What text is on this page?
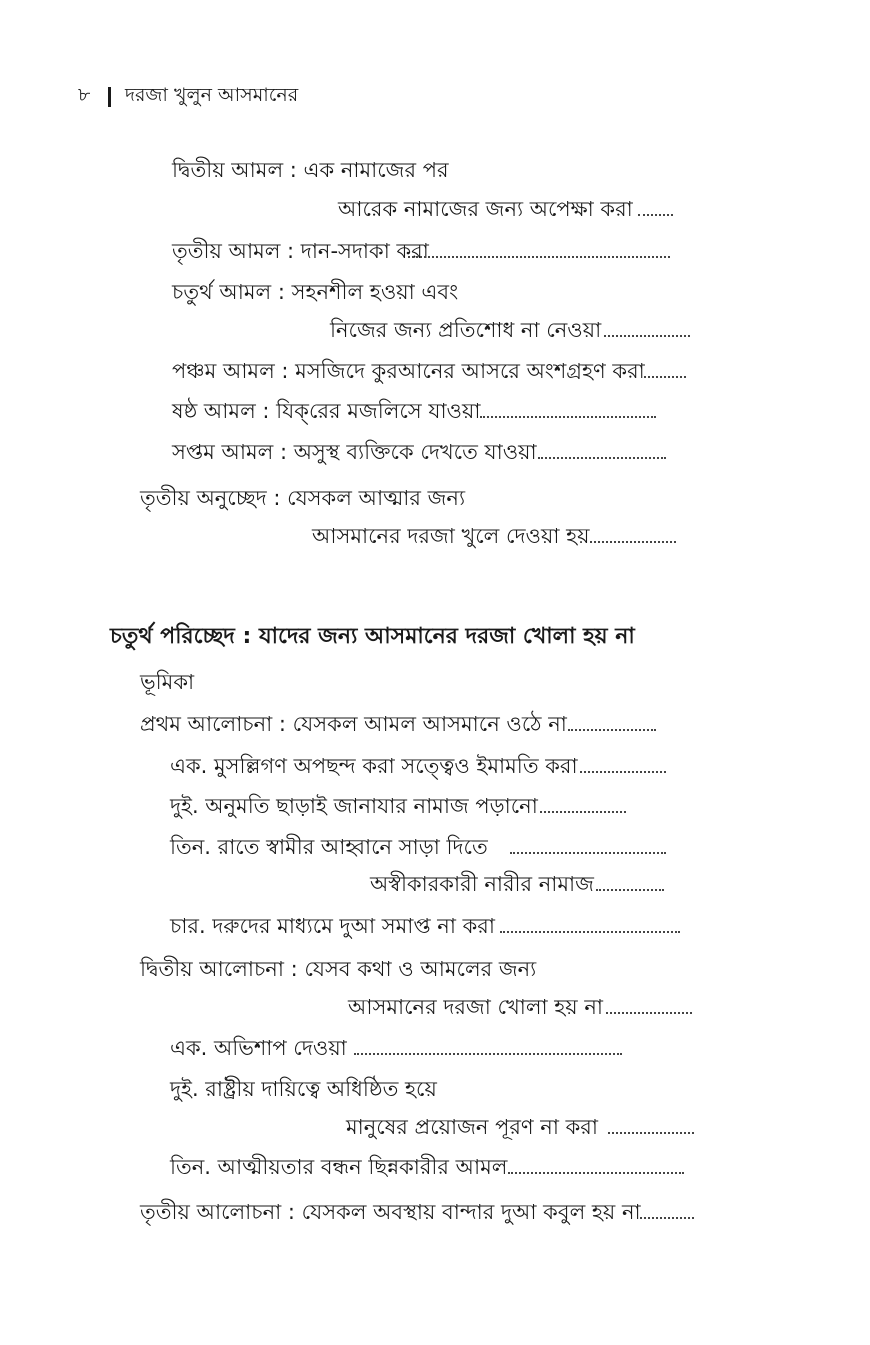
৮	দরজা খুলুন আসমানের
দ্বিতীয় আমল : এক নামাজের পর
আরেক নামাজের জন্য অপেক্ষা করা
তৃতীয় আমল : দান-সদাকা করা
চতুর্থ আমল : সহনশীল হওয়া এবং
নিজের জন্য প্রতিশোধ না নেওয়া
পঞ্চম আমল : মসজিদে কুরআনের আসরে অংশগ্রহণ করা
ষষ্ঠ আমল : যিক্‌রের মজলিসে যাওয়া
সপ্তম আমল : অসুস্থ ব্যক্তিকে দেখতে যাওয়া
তৃতীয় অনুচ্ছেদ : যেসকল আত্মার জন্য
আসমানের দরজা খুলে দেওয়া হয়
চতুর্থ পরিচ্ছেদ : যাদের জন্য আসমানের দরজা খোলা হয় না
ভূমিকা
প্রথম আলোচনা : যেসকল আমল আসমানে ওঠে না
এক. মুসল্লিগণ অপছন্দ করা সত্ত্বেও ইমামতি করা
দুই. অনুমতি ছাড়াই জানাযার নামাজ পড়ানো
তিন. রাতে স্বামীর আহ্বানে সাড়া দিতে
অস্বীকারকারী নারীর নামাজ
চার. দরুদের মাধ্যমে দুআ সমাপ্ত না করা
দ্বিতীয় আলোচনা : যেসব কথা ও আমলের জন্য
আসমানের দরজা খোলা হয় না
এক. অভিশাপ দেওয়া
দুই. রাষ্ট্রীয় দায়িত্বে অধিষ্ঠিত হয়ে
মানুষের প্রয়োজন পূরণ না করা
তিন. আত্মীয়তার বন্ধন ছিন্নকারীর আমল
তৃতীয় আলোচনা : যেসকল অবস্থায় বান্দার দুআ কবুল হয় না
